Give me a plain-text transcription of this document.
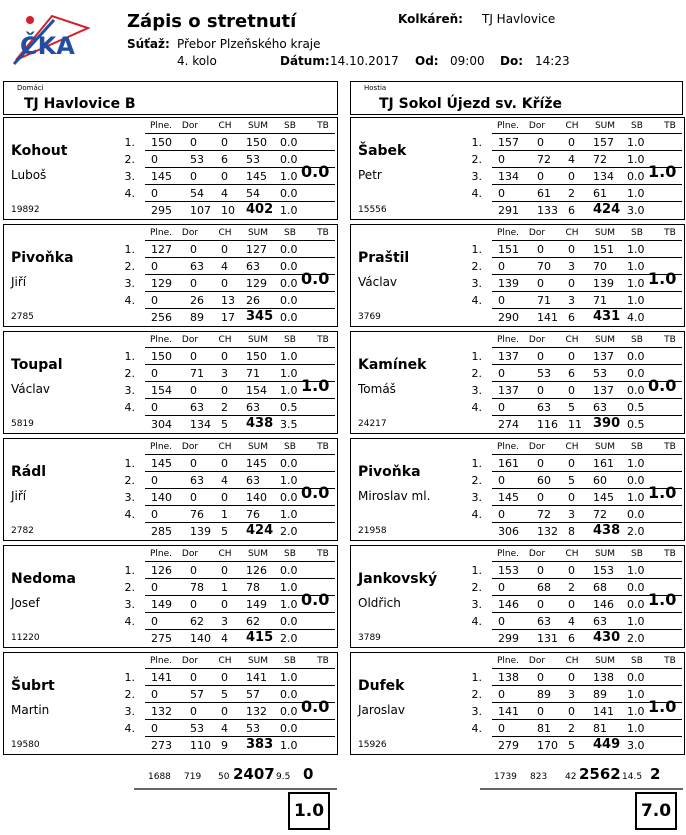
ČKA
Zápis o stretnutí	Kolkáreň: TJ Havlovice
Súťaž: Přebor Plzeňského kraje
4. kolo	Dátum: 14.10.2017 Od: 09:00 Do: 14:23
Domáci
TJ Havlovice B
Hostia
TJ Sokol Újezd sv. Kříže
Kohout
Luboš
19892
Plne.	Dor	CH	SUM	SB	TB
1. 150 0 0 150 0.0
2. 0	53 6 53 0.0
3. 145 0 0 145 1.0
4. 0	54 4 54 0.0
295 107 10 402 1.0
0.0
Pivoňka
Jiří
2785
Plne.	Dor	CH	SUM	SB	TB
1. 127 0 0 127 0.0
2. 0	63 4 63 0.0
3. 129 0 0 129 0.0
4. 0	26 13 26 0.0
256 89 17 345 0.0
0.0
Toupal
Václav
5819
Plne.	Dor	CH	SUM	SB	TB
1. 150 0 0 150 1.0
2. 0	71 3 71 1.0
3. 154 0 0 154 1.0
4. 0	63 2 63 0.5
304 134 5 438 3.5
1.0
Rádl
Jiří
2782
Plne.	Dor	CH	SUM	SB	TB
1. 145 0 0 145 0.0
2. 0	63 4 63 1.0
3. 140 0 0 140 0.0
4. 0	76 1 76 1.0
285 139 5 424 2.0
0.0
Nedoma
Josef
11220
Plne.	Dor	CH	SUM	SB	TB
1. 126 0 0 126 0.0
2. 0	78 1 78 1.0
3. 149 0 0 149 1.0
4. 0	62 3 62 0.0
275 140 4 415 2.0
0.0
Šubrt
Martin
19580
Plne.	Dor	CH	SUM	SB	TB
1. 141 0 0 141 1.0
2. 0	57 5 57 0.0
3. 132 0 0 132 0.0
4. 0	53 4 53 0.0
273 110 9 383 1.0
0.0
Šabek
Petr
15556
Plne.	Dor	CH	SUM	SB	TB
1. 157 0 0 157 1.0
2. 0	72 4 72 1.0
3. 134 0 0 134 0.0
4. 0	61 2 61 1.0
291 133 6 424 3.0
1.0
Praštil
Václav
3769
Plne.	Dor	CH	SUM	SB	TB
1. 151 0 0 151 1.0
2. 0	70 3 70 1.0
3. 139 0 0 139 1.0
4. 0	71 3 71 1.0
290 141 6 431 4.0
1.0
Kamínek
Tomáš
24217
Plne.	Dor	CH	SUM	SB	TB
1. 137 0 0 137 0.0
2. 0	53 6 53 0.0
3. 137 0 0 137 0.0
4. 0	63 5 63 0.5
274 116 11 390 0.5
0.0
Pivoňka
Miroslav ml.
21958
Plne.	Dor	CH	SUM	SB	TB
1. 161 0 0 161 1.0
2. 0	60 5 60 0.0
3. 145 0 0 145 1.0
4. 0	72 3 72 0.0
306 132 8 438 2.0
1.0
Jankovský
Oldřich
3789
Plne.	Dor	CH	SUM	SB	TB
1. 153 0 0 153 1.0
2. 0	68 2 68 0.0
3. 146 0 0 146 0.0
4. 0	63 4 63 1.0
299 131 6 430 2.0
1.0
Dufek
Jaroslav
15926
Plne.	Dor	CH	SUM	SB	TB
1. 138 0 0 138 0.0
2. 0	89 3 89 1.0
3. 141 0 0 141 1.0
4. 0	81 2 81 1.0
279 170 5 449 3.0
1.0
1688 719 50 2407 9.5 0
1.0
1739 823 42 2562 14.5 2
7.0
